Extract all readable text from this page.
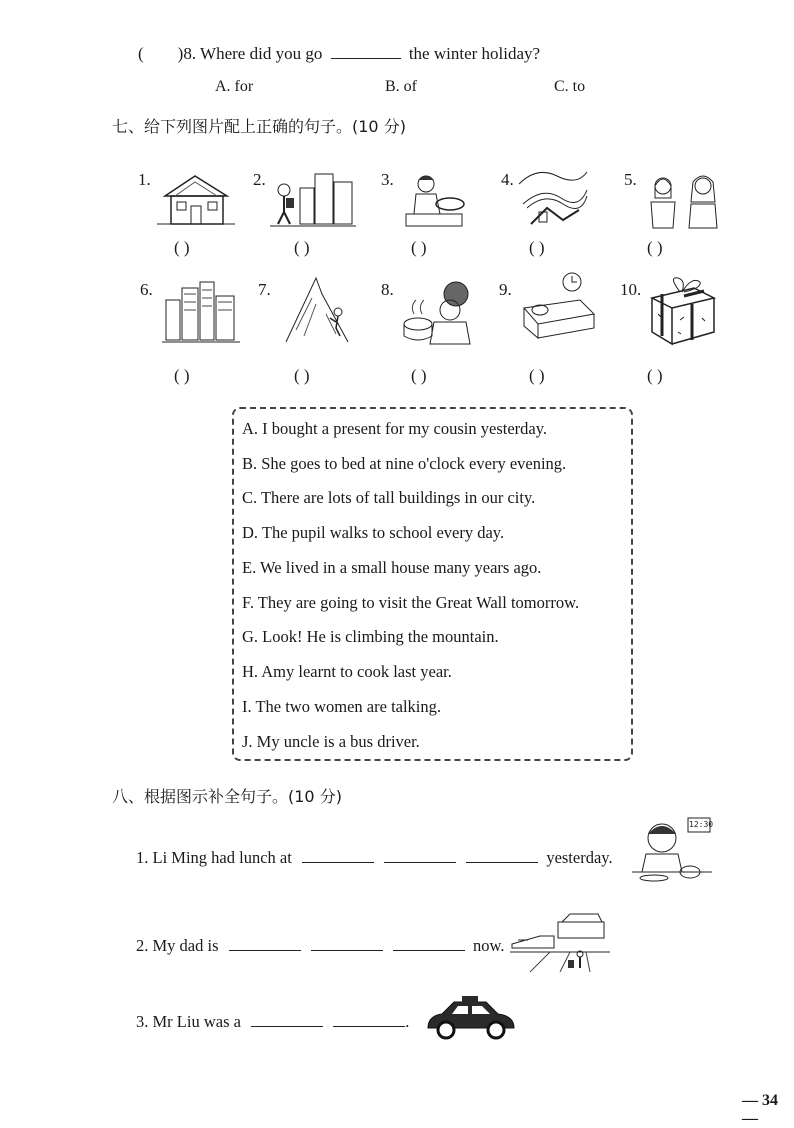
( )8. Where did you go	the winter holiday?
A. for	B. of	C. to
七、给下列图片配上正确的句子。(10 分)
1.	2.	3.	4.	5.
( )	( )	( )	( )	( )
6.	7.	8.	9.	10.
( )	( )	( )	( )	( )
A. I bought a present for my cousin yesterday.
B. She goes to bed at nine o'clock every evening.
C. There are lots of tall buildings in our city.
D. The pupil walks to school every day.
E. We lived in a small house many years ago.
F. They are going to visit the Great Wall tomorrow.
G. Look! He is climbing the mountain.
H. Amy learnt to cook last year.
I. The two women are talking.
J. My uncle is a bus driver.
八、根据图示补全句子。(10 分)
1. Li Ming had lunch at	yesterday.
12:30
2. My dad is	now.
3. Mr Liu was a	.
— 34 —
